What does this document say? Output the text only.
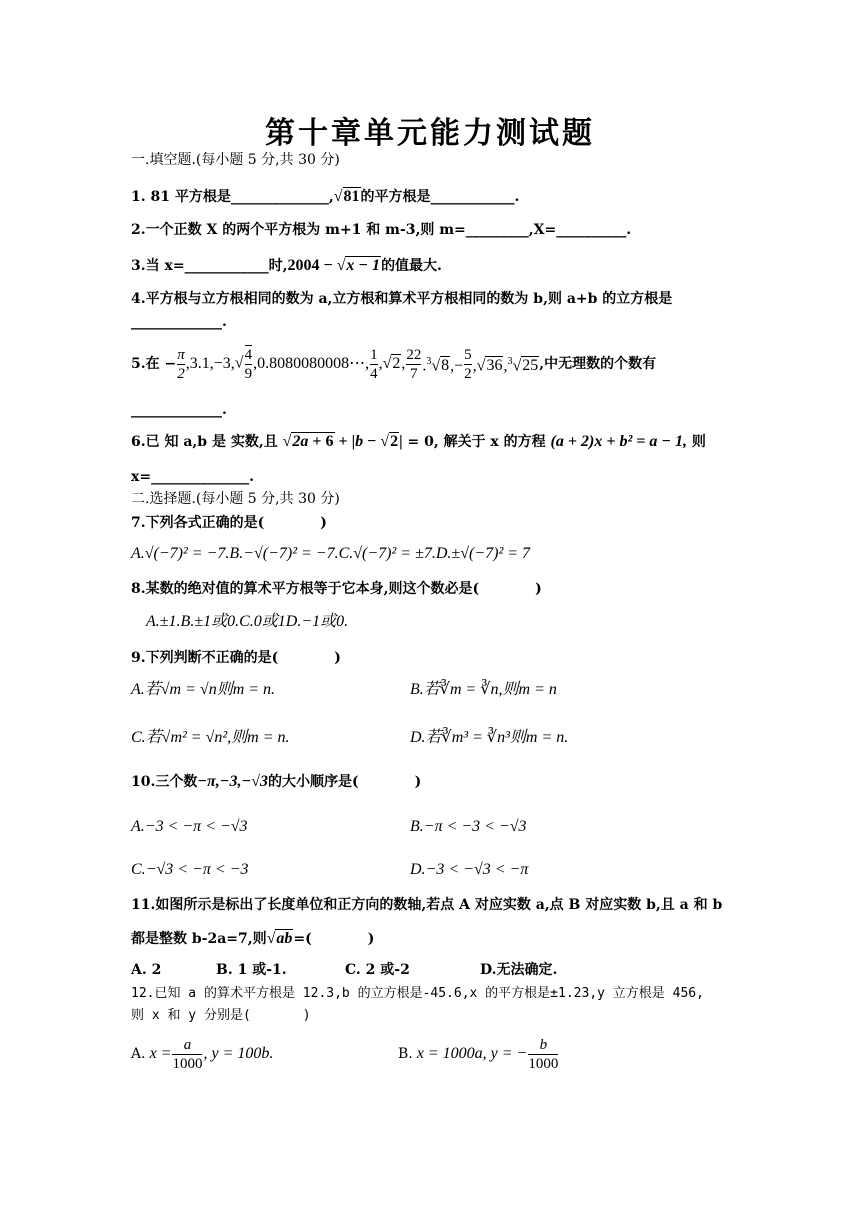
第十章单元能力测试题
一.填空题.(每小题 5 分,共 30 分)
1. 81 平方根是______________,√81的平方根是____________.
2.一个正数 X 的两个平方根为 m+1 和 m-3,则 m=_________,X=__________.
3.当 x=____________时,2004 − √x − 1的值最大.
4.平方根与立方根相同的数为 a,立方根和算术平方根相同的数为 b,则 a+b 的立方根是
_____________.
5.在 − $\frac{\pi}{2} ,3.1,-3$, √ $\frac{4}{9}$ ,0.8080080008⋯, $\frac{1}{4} ,√2$, $\frac{22}{7} .^3√8,- \frac{5}{2} ,√36,^3√25$ ,中无理数的个数有
_____________.
6.已 知 a,b 是 实数,且 √2a + 6 + |b − √2| = 0, 解关于 x 的方程 (a + 2)x + b² = a − 1, 则
x=______________.
二.选择题.(每小题 5 分,共 30 分)
7.下列各式正确的是(　　　　)
A.√(−7)² = −7.B.−√(−7)² = −7.C.√(−7)² = ±7.D.±√(−7)² = 7
8.某数的绝对值的算术平方根等于它本身,则这个数必是(　　　　)
A.±1.B.±1或0.C.0或1D.−1或0.
9.下列判断不正确的是(　　　　)
A.若√m = √n则m = n.	B.若∛m = ∛n,则m = n
C.若√m² = √n²,则m = n.	D.若∛m³ = ∛n³则m = n.
10.三个数−π,−3,−√3的大小顺序是(　　　　)
A.−3 < −π < −√3	B.−π < −3 < −√3
C.−√3 < −π < −3	D.−3 < −√3 < −π
11.如图所示是标出了长度单位和正方向的数轴,若点 A 对应实数 a,点 B 对应实数 b,且 a 和 b
都是整数 b-2a=7,则√ab=(　　　　)
A. 2	B. 1 或-1.	C. 2 或-2	D.无法确定.
12.已知 a 的算术平方根是 12.3,b 的立方根是-45.6,x 的平方根是±1.23,y 立方根是 456,
则 x 和 y 分别是(　　　　)
A. $x = \frac{a}{1000}$ , y = 100b.	B.
x = 1000a, y = − $\frac{b}{1000}$
